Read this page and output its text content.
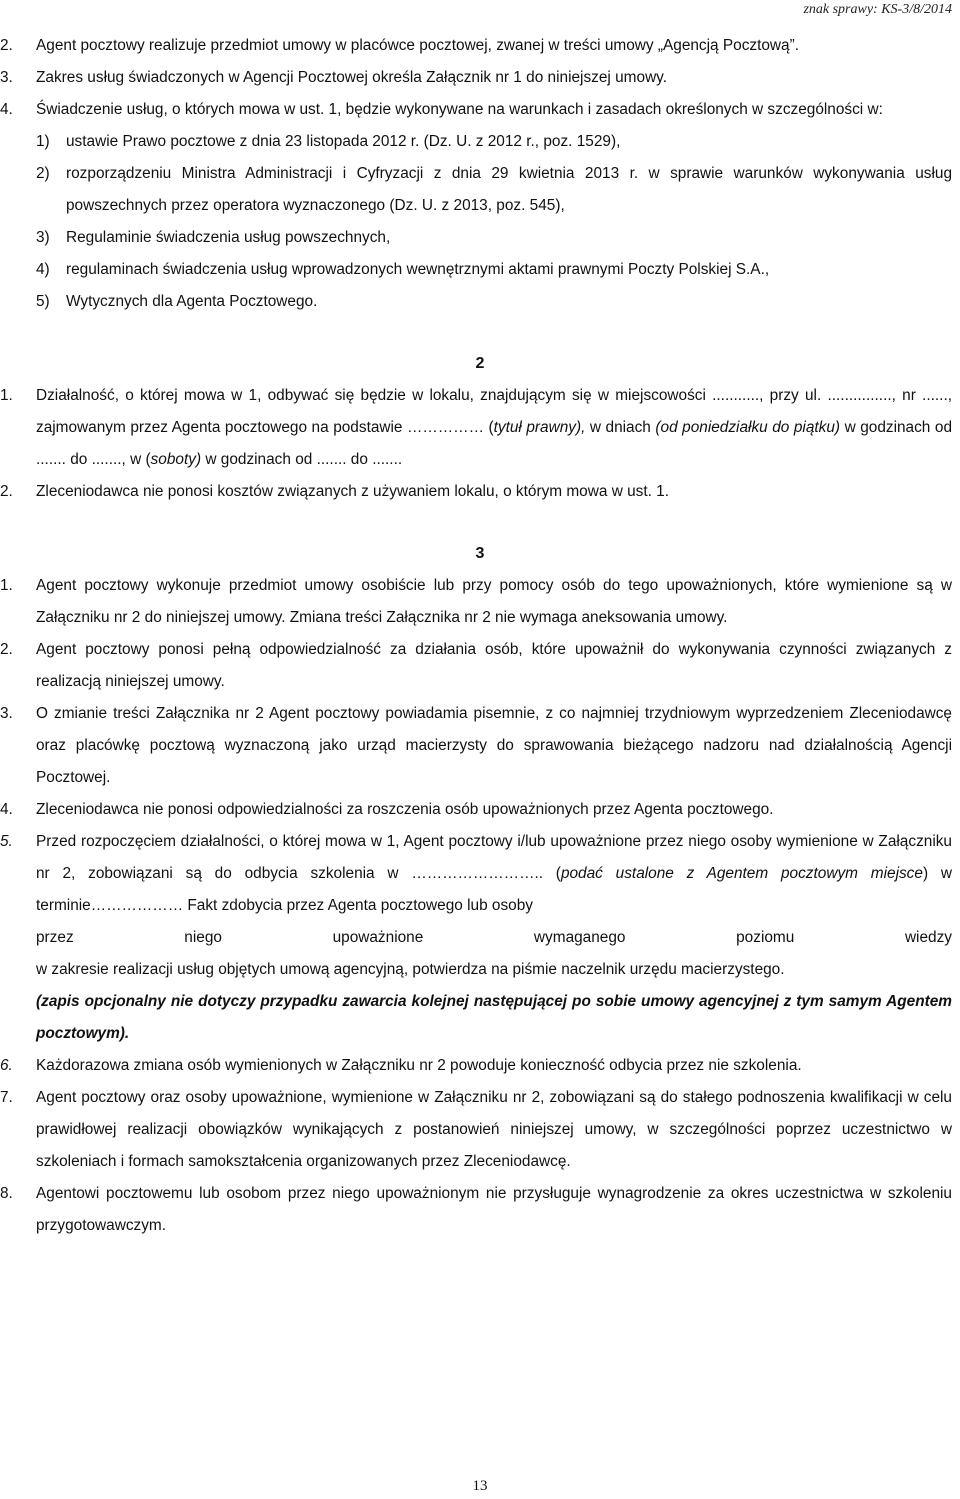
znak sprawy: KS-3/8/2014
2.	Agent pocztowy realizuje przedmiot umowy w placówce pocztowej, zwanej w treści umowy „Agencją Pocztową”.
3.	Zakres usług świadczonych w Agencji Pocztowej określa Załącznik nr 1 do niniejszej umowy.
4.	Świadczenie usług, o których mowa w ust. 1, będzie wykonywane na warunkach i zasadach określonych w szczególności w:
1) ustawie Prawo pocztowe z dnia 23 listopada 2012 r. (Dz. U. z 2012 r., poz. 1529),
2) rozporządzeniu Ministra Administracji i Cyfryzacji z dnia 29 kwietnia 2013 r. w sprawie warunków wykonywania usług powszechnych przez operatora wyznaczonego (Dz. U. z 2013, poz. 545),
3) Regulaminie świadczenia usług powszechnych,
4) regulaminach świadczenia usług wprowadzonych wewnętrznymi aktami prawnymi Poczty Polskiej S.A.,
5) Wytycznych dla Agenta Pocztowego.
2
1.	Działalność, o której mowa w 1, odbywać się będzie w lokalu, znajdującym się w miejscowości ..........., przy ul. ..............., nr ......, zajmowanym przez Agenta pocztowego na podstawie …………… (tytuł prawny), w dniach (od poniedziałku do piątku) w godzinach od ....... do ......., w (soboty) w godzinach od ....... do .......
2.	Zleceniodawca nie ponosi kosztów związanych z używaniem lokalu, o którym mowa w ust. 1.
3
1.	Agent pocztowy wykonuje przedmiot umowy osobiście lub przy pomocy osób do tego upoważnionych, które wymienione są w Załączniku nr 2 do niniejszej umowy. Zmiana treści Załącznika nr 2 nie wymaga aneksowania umowy.
2.	Agent pocztowy ponosi pełną odpowiedzialność za działania osób, które upoważnił do wykonywania czynności związanych z realizacją niniejszej umowy.
3.	O zmianie treści Załącznika nr 2 Agent pocztowy powiadamia pisemnie, z co najmniej trzydniowym wyprzedzeniem Zleceniodawcę oraz placówkę pocztową wyznaczoną jako urząd macierzysty do sprawowania bieżącego nadzoru nad działalnością Agencji Pocztowej.
4.	Zleceniodawca nie ponosi odpowiedzialności za roszczenia osób upoważnionych przez Agenta pocztowego.
5.	Przed rozpoczęciem działalności, o której mowa w 1, Agent pocztowy i/lub upoważnione przez niego osoby wymienione w Załączniku nr 2, zobowiązani są do odbycia szkolenia w …………………….. (podać ustalone z Agentem pocztowym miejsce) w terminie……………… Fakt zdobycia przez Agenta pocztowego lub osoby
przez niego upoważnione wymaganego poziomu wiedzy
w zakresie realizacji usług objętych umową agencyjną, potwierdza na piśmie naczelnik urzędu macierzystego.
(zapis opcjonalny nie dotyczy przypadku zawarcia kolejnej następującej po sobie umowy agencyjnej z tym samym Agentem pocztowym).
6.	Każdorazowa zmiana osób wymienionych w Załączniku nr 2 powoduje konieczność odbycia przez nie szkolenia.
7.	Agent pocztowy oraz osoby upoważnione, wymienione w Załączniku nr 2, zobowiązani są do stałego podnoszenia kwalifikacji w celu prawidłowej realizacji obowiązków wynikających z postanowień niniejszej umowy, w szczególności poprzez uczestnictwo w szkoleniach i formach samokształcenia organizowanych przez Zleceniodawcę.
8.	Agentowi pocztowemu lub osobom przez niego upoważnionym nie przysługuje wynagrodzenie za okres uczestnictwa w szkoleniu przygotowawczym.
13
